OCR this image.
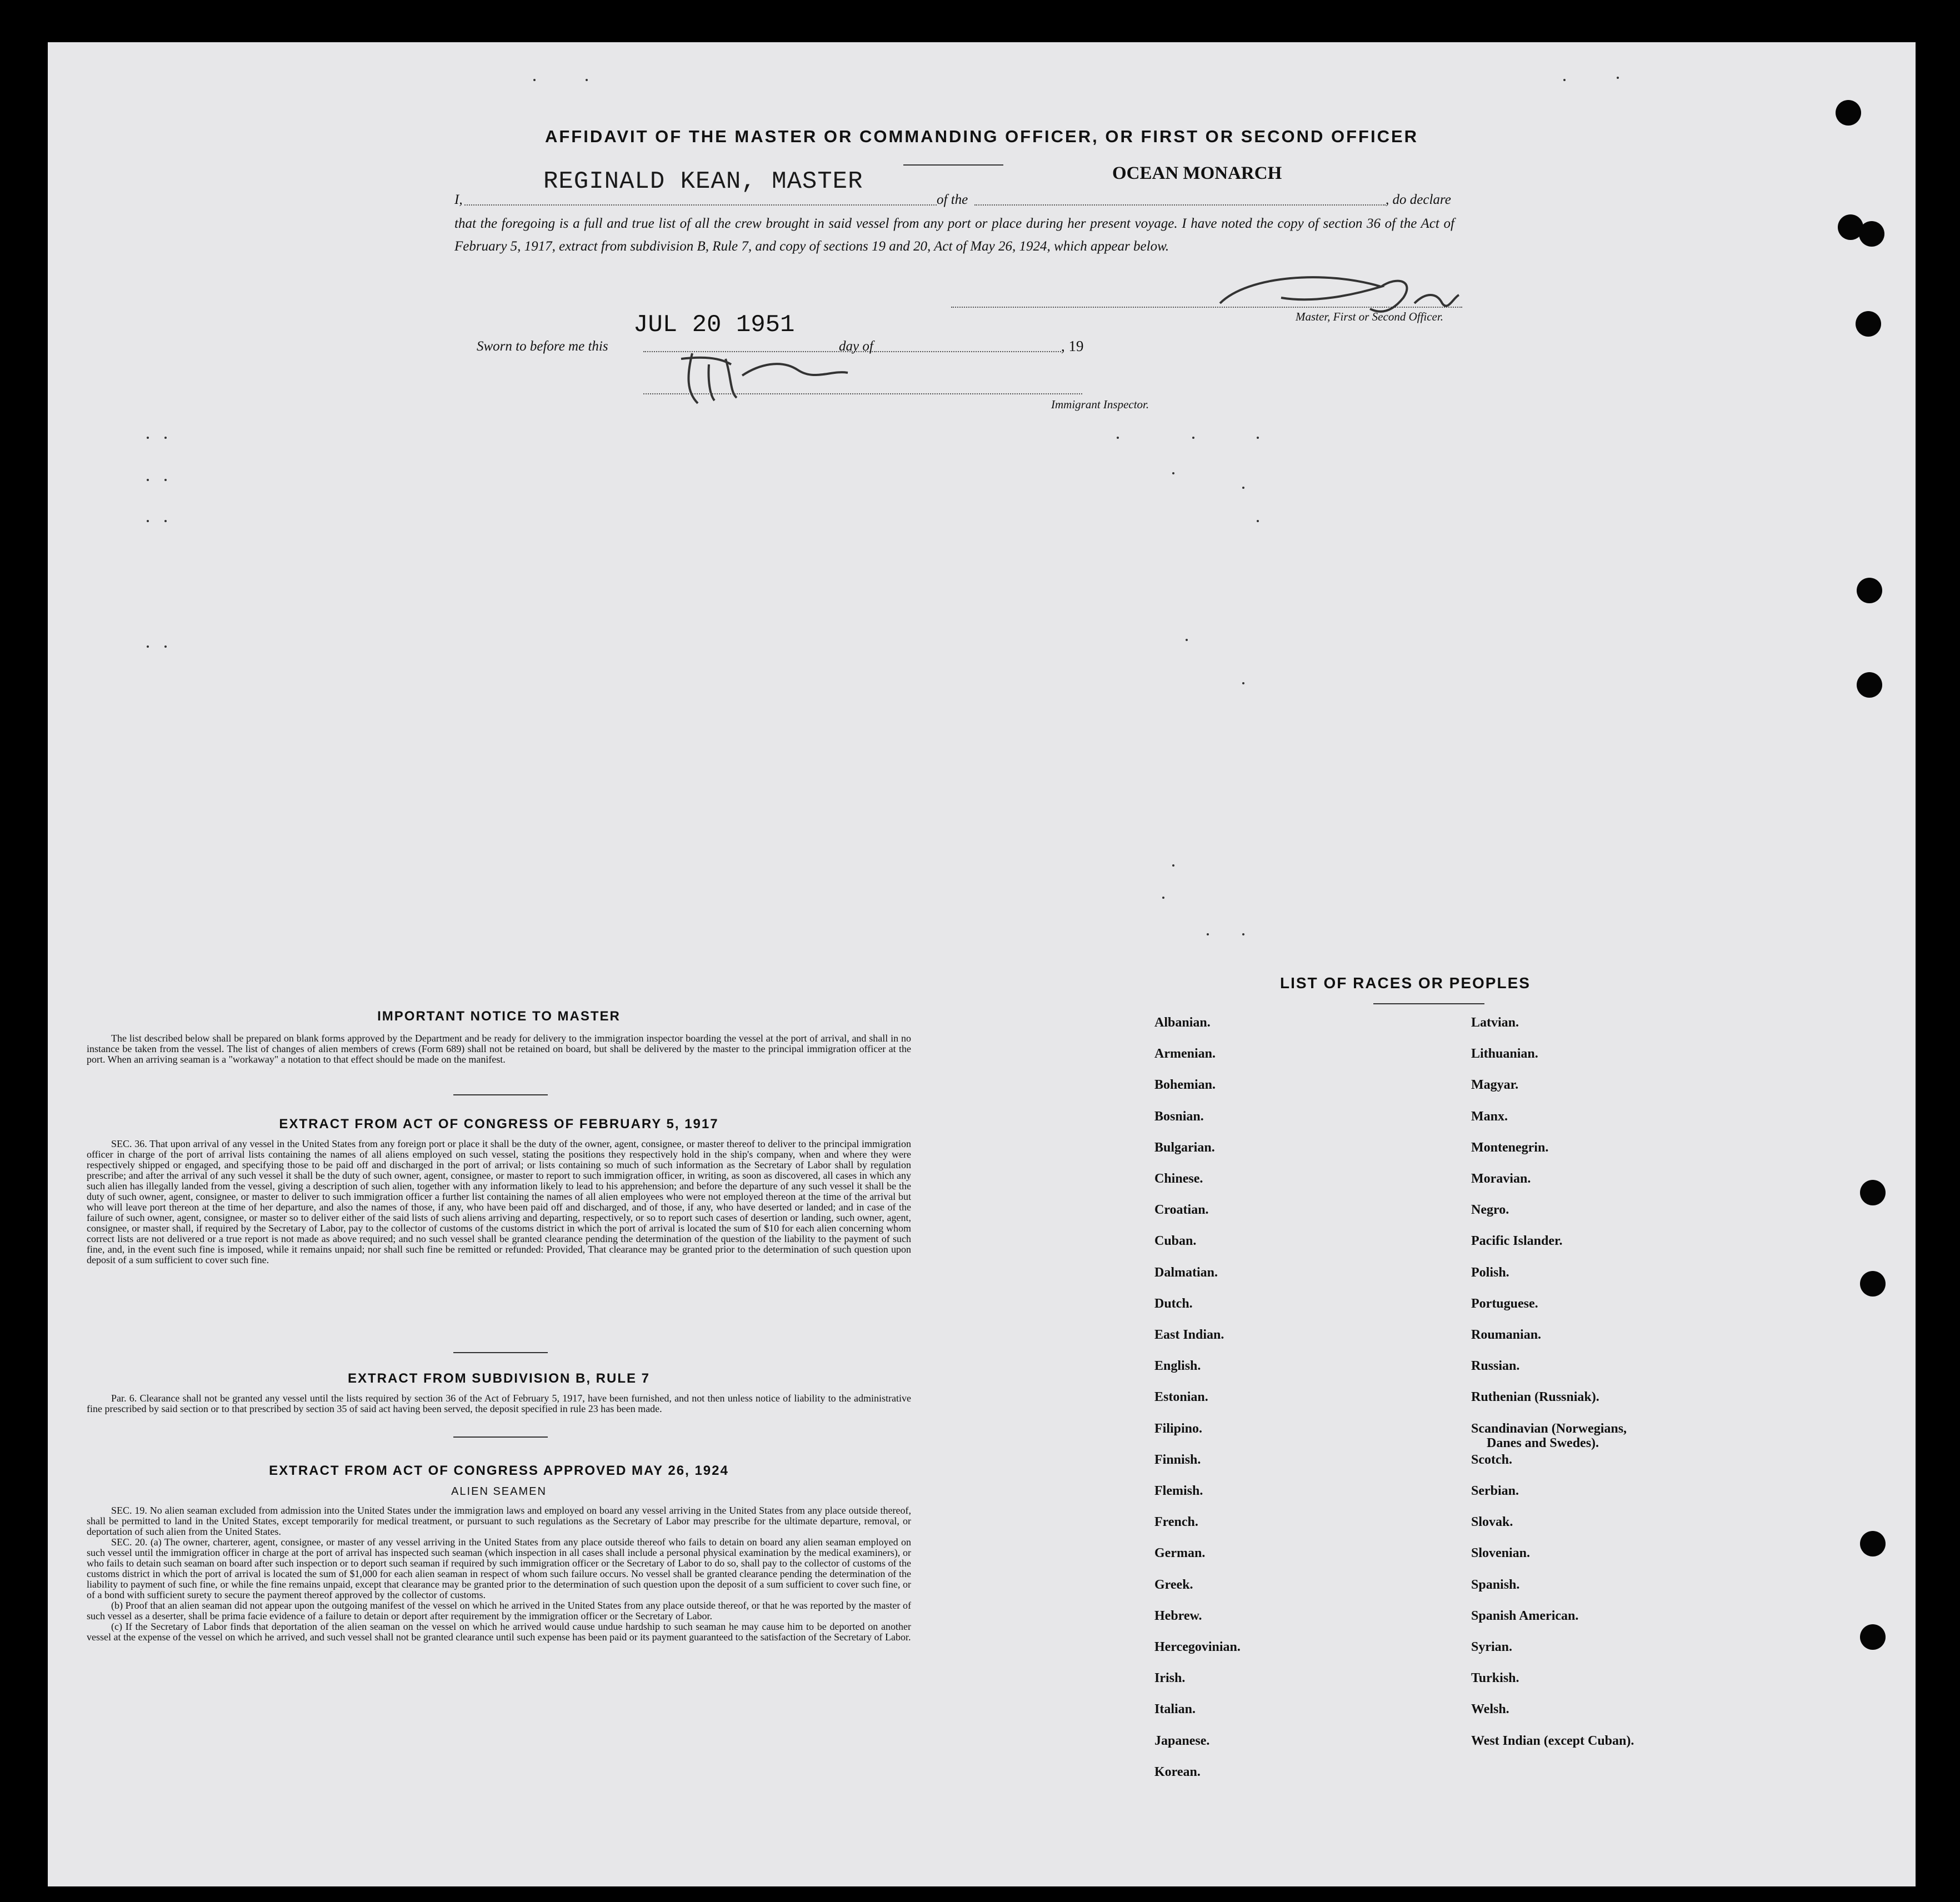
AFFIDAVIT OF THE MASTER OR COMMANDING OFFICER, OR FIRST OR SECOND OFFICER
REGINALD KEAN, MASTER	OCEAN MONARCH
I,	of the	, do declare
that the foregoing is a full and true list of all the crew brought in said vessel from any port or place during her present voyage. I have noted the copy of section 36 of the Act of February 5, 1917, extract from subdivision B, Rule 7, and copy of sections 19 and 20, Act of May 26, 1924, which appear below.
JUL 20 1951	Master, First or Second Officer.
Sworn to before me this	day of	, 19
Immigrant Inspector.
IMPORTANT NOTICE TO MASTER
The list described below shall be prepared on blank forms approved by the Department and be ready for delivery to the immigration inspector boarding the vessel at the port of arrival, and shall in no instance be taken from the vessel. The list of changes of alien members of crews (Form 689) shall not be retained on board, but shall be delivered by the master to the principal immigration officer at the port. When an arriving seaman is a "workaway" a notation to that effect should be made on the manifest.
EXTRACT FROM ACT OF CONGRESS OF FEBRUARY 5, 1917
SEC. 36. That upon arrival of any vessel in the United States from any foreign port or place it shall be the duty of the owner, agent, consignee, or master thereof to deliver to the principal immigration officer in charge of the port of arrival lists containing the names of all aliens employed on such vessel, stating the positions they respectively hold in the ship's company, when and where they were respectively shipped or engaged, and specifying those to be paid off and discharged in the port of arrival; or lists containing so much of such information as the Secretary of Labor shall by regulation prescribe; and after the arrival of any such vessel it shall be the duty of such owner, agent, consignee, or master to report to such immigration officer, in writing, as soon as discovered, all cases in which any such alien has illegally landed from the vessel, giving a description of such alien, together with any information likely to lead to his apprehension; and before the departure of any such vessel it shall be the duty of such owner, agent, consignee, or master to deliver to such immigration officer a further list containing the names of all alien employees who were not employed thereon at the time of the arrival but who will leave port thereon at the time of her departure, and also the names of those, if any, who have been paid off and discharged, and of those, if any, who have deserted or landed; and in case of the failure of such owner, agent, consignee, or master so to deliver either of the said lists of such aliens arriving and departing, respectively, or so to report such cases of desertion or landing, such owner, agent, consignee, or master shall, if required by the Secretary of Labor, pay to the collector of customs of the customs district in which the port of arrival is located the sum of $10 for each alien concerning whom correct lists are not delivered or a true report is not made as above required; and no such vessel shall be granted clearance pending the determination of the question of the liability to the payment of such fine, and, in the event such fine is imposed, while it remains unpaid; nor shall such fine be remitted or refunded: Provided, That clearance may be granted prior to the determination of such question upon deposit of a sum sufficient to cover such fine.
EXTRACT FROM SUBDIVISION B, RULE 7
Par. 6. Clearance shall not be granted any vessel until the lists required by section 36 of the Act of February 5, 1917, have been furnished, and not then unless notice of liability to the administrative fine prescribed by said section or to that prescribed by section 35 of said act having been served, the deposit specified in rule 23 has been made.
EXTRACT FROM ACT OF CONGRESS APPROVED MAY 26, 1924
ALIEN SEAMEN
SEC. 19. No alien seaman excluded from admission into the United States under the immigration laws and employed on board any vessel arriving in the United States from any place outside thereof, shall be permitted to land in the United States, except temporarily for medical treatment, or pursuant to such regulations as the Secretary of Labor may prescribe for the ultimate departure, removal, or deportation of such alien from the United States.
SEC. 20. (a) The owner, charterer, agent, consignee, or master of any vessel arriving in the United States from any place outside thereof who fails to detain on board any alien seaman employed on such vessel until the immigration officer in charge at the port of arrival has inspected such seaman (which inspection in all cases shall include a personal physical examination by the medical examiners), or who fails to detain such seaman on board after such inspection or to deport such seaman if required by such immigration officer or the Secretary of Labor to do so, shall pay to the collector of customs of the customs district in which the port of arrival is located the sum of $1,000 for each alien seaman in respect of whom such failure occurs. No vessel shall be granted clearance pending the determination of the liability to payment of such fine, or while the fine remains unpaid, except that clearance may be granted prior to the determination of such question upon the deposit of a sum sufficient to cover such fine, or of a bond with sufficient surety to secure the payment thereof approved by the collector of customs.
(b) Proof that an alien seaman did not appear upon the outgoing manifest of the vessel on which he arrived in the United States from any place outside thereof, or that he was reported by the master of such vessel as a deserter, shall be prima facie evidence of a failure to detain or deport after requirement by the immigration officer or the Secretary of Labor.
(c) If the Secretary of Labor finds that deportation of the alien seaman on the vessel on which he arrived would cause undue hardship to such seaman he may cause him to be deported on another vessel at the expense of the vessel on which he arrived, and such vessel shall not be granted clearance until such expense has been paid or its payment guaranteed to the satisfaction of the Secretary of Labor.
LIST OF RACES OR PEOPLES
Albanian.
Armenian.
Bohemian.
Bosnian.
Bulgarian.
Chinese.
Croatian.
Cuban.
Dalmatian.
Dutch.
East Indian.
English.
Estonian.
Filipino.
Finnish.
Flemish.
French.
German.
Greek.
Hebrew.
Hercegovinian.
Irish.
Italian.
Japanese.
Korean.
Latvian.
Lithuanian.
Magyar.
Manx.
Montenegrin.
Moravian.
Negro.
Pacific Islander.
Polish.
Portuguese.
Roumanian.
Russian.
Ruthenian (Russniak).
Scandinavian (Norwegians,
Danes and Swedes).
Scotch.
Serbian.
Slovak.
Slovenian.
Spanish.
Spanish American.
Syrian.
Turkish.
Welsh.
West Indian (except Cuban).
